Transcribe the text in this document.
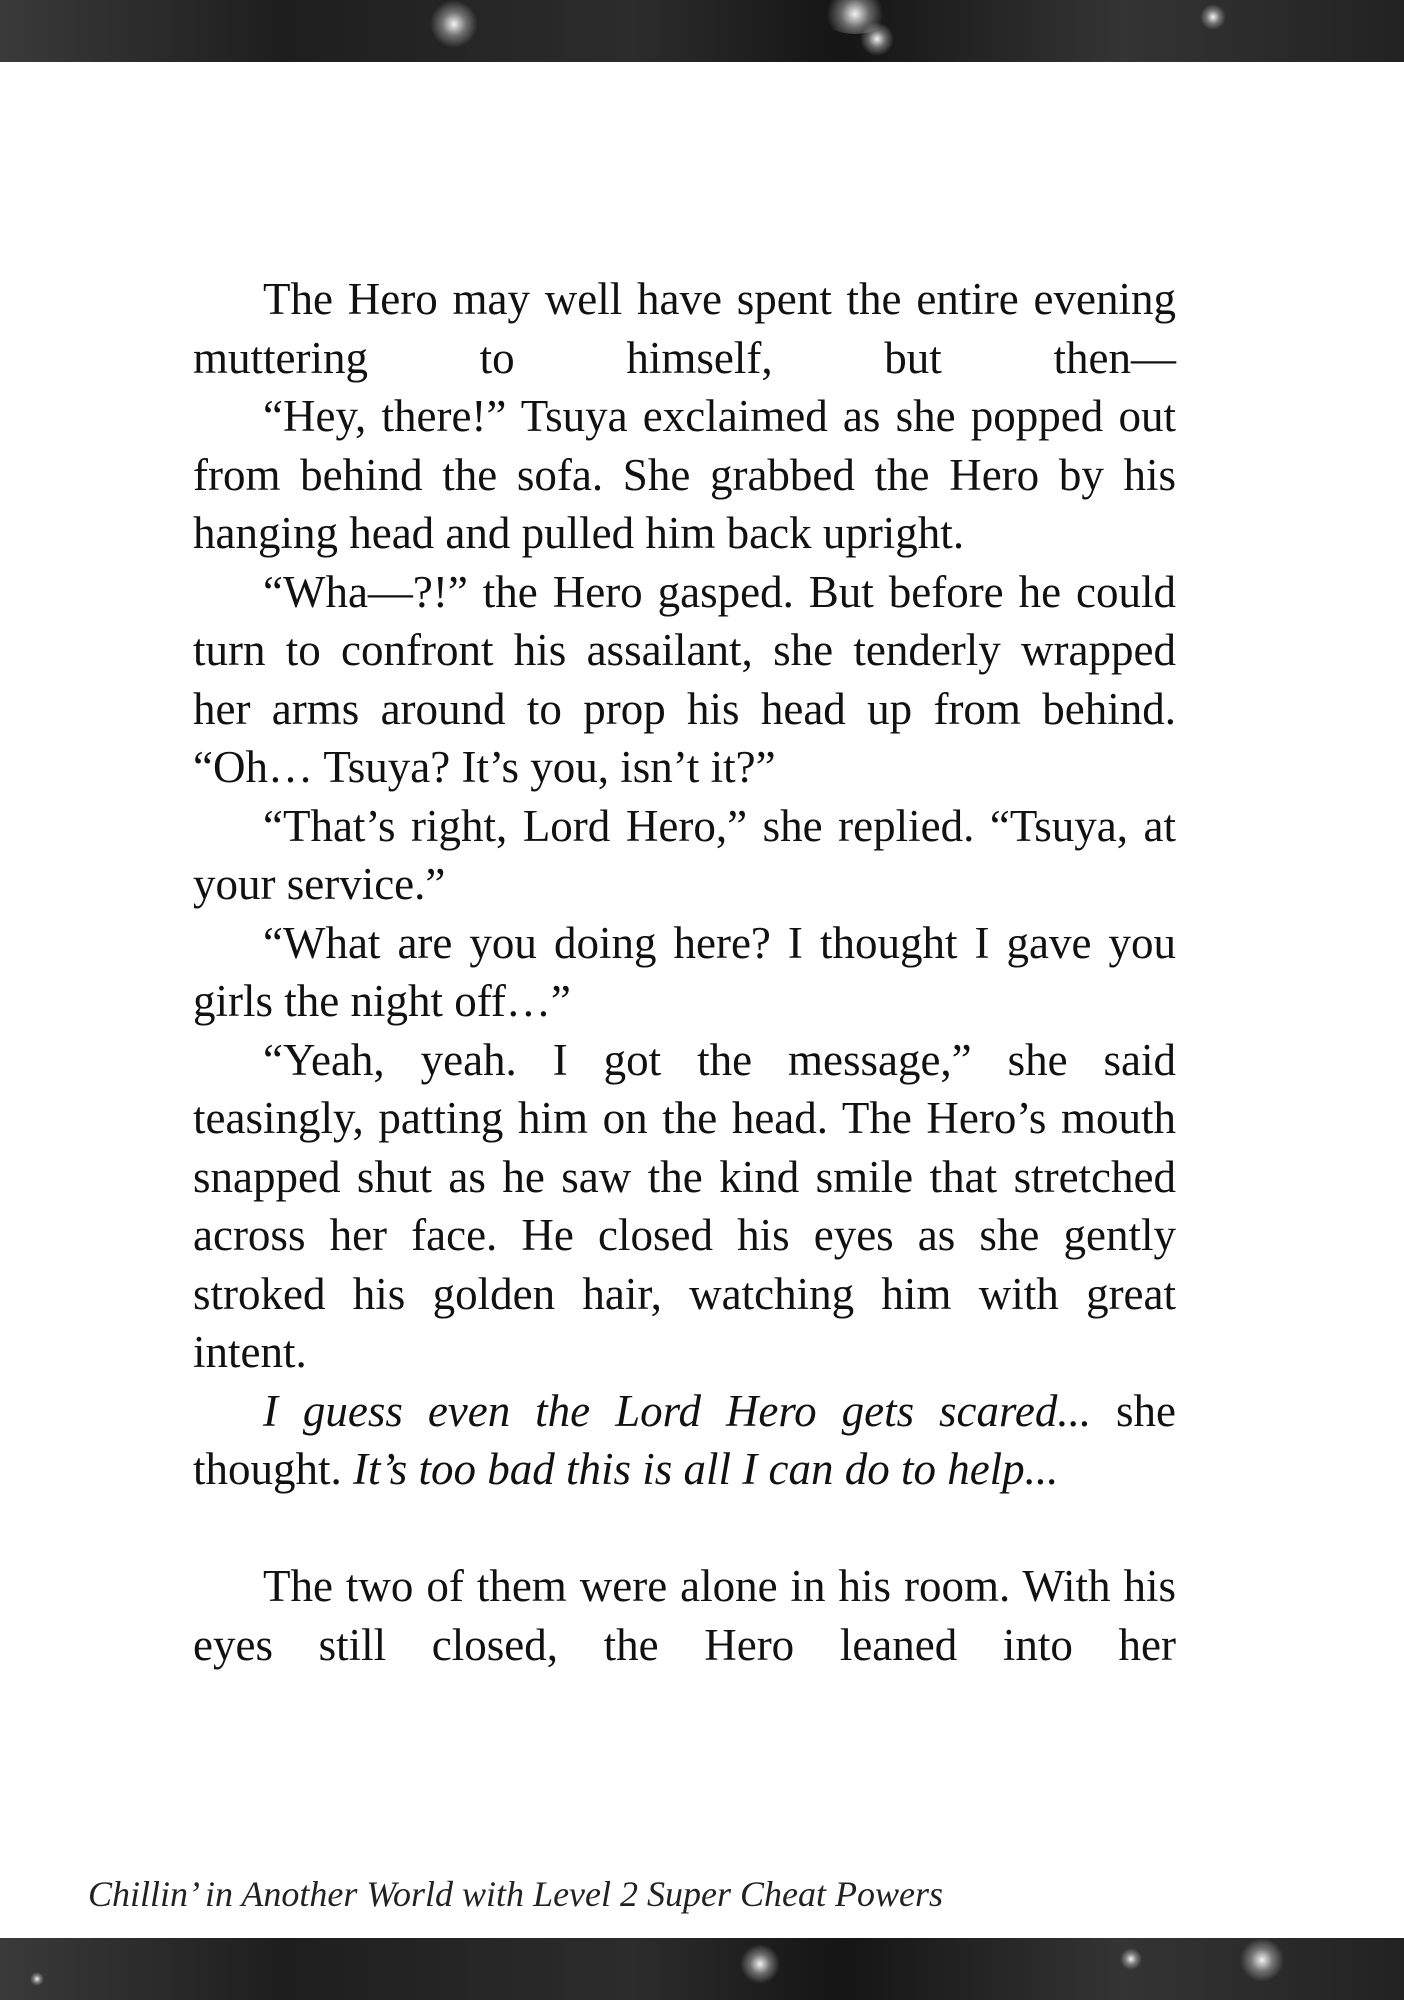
The Hero may well have spent the entire evening muttering to himself, but then—

“Hey, there!” Tsuya exclaimed as she popped out from behind the sofa. She grabbed the Hero by his hanging head and pulled him back upright.

“Wha—?!” the Hero gasped. But before he could turn to confront his assailant, she tenderly wrapped her arms around to prop his head up from behind. “Oh… Tsuya? It’s you, isn’t it?”

“That’s right, Lord Hero,” she replied. “Tsuya, at your service.”

“What are you doing here? I thought I gave you girls the night off…”

“Yeah, yeah. I got the message,” she said teasingly, patting him on the head. The Hero’s mouth snapped shut as he saw the kind smile that stretched across her face. He closed his eyes as she gently stroked his golden hair, watching him with great intent.

I guess even the Lord Hero gets scared... she thought. It’s too bad this is all I can do to help...

The two of them were alone in his room. With his eyes still closed, the Hero leaned into her

Chillin’ in Another World with Level 2 Super Cheat Powers
